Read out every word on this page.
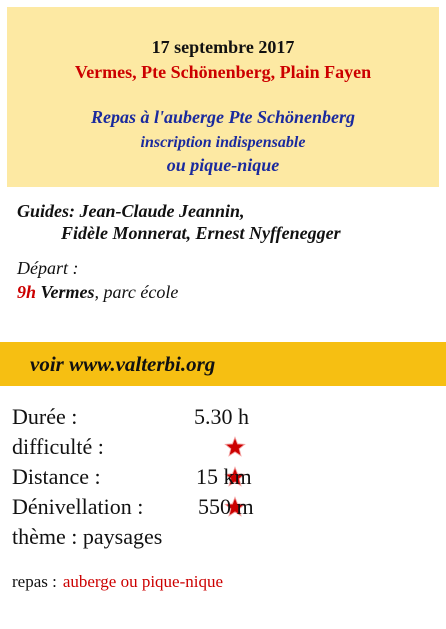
17 septembre 2017
Vermes, Pte Schönenberg, Plain Fayen
Repas à l'auberge Pte Schönenberg
inscription indispensable
ou pique-nique
Guides: Jean-Claude Jeannin,
Fidèle Monnerat, Ernest Nyffenegger
Départ :
9h Vermes, parc école
voir www.valterbi.org
Durée :	5.30 h
difficulté :
Distance :	15 km
Dénivellation : 550 m
thème : paysages
repas : auberge ou pique-nique
